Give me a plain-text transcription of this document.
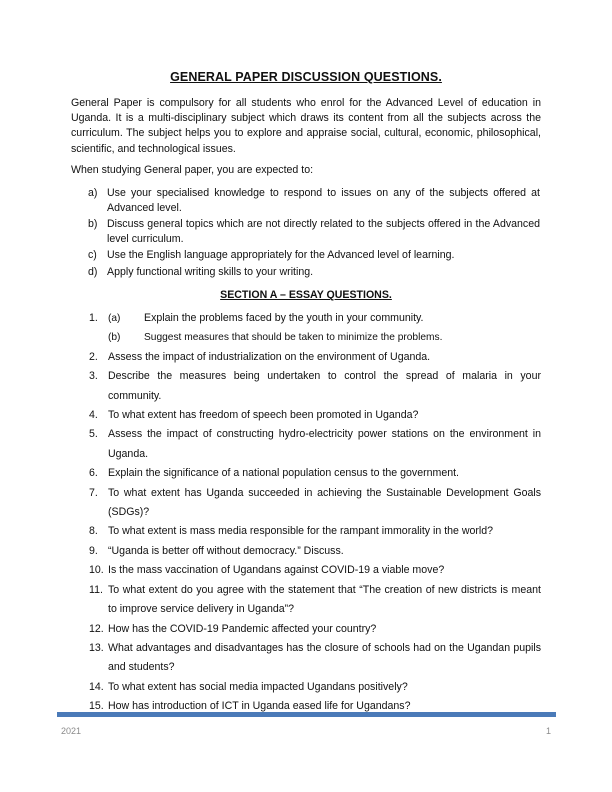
GENERAL PAPER DISCUSSION QUESTIONS.

General Paper is compulsory for all students who enrol for the Advanced Level of education in Uganda. It is a multi-disciplinary subject which draws its content from all the subjects across the curriculum. The subject helps you to explore and appraise social, cultural, economic, philosophical, scientific, and technological issues.

When studying General paper, you are expected to:

a) Use your specialised knowledge to respond to issues on any of the subjects offered at Advanced level.
b) Discuss general topics which are not directly related to the subjects offered in the Advanced level curriculum.
c) Use the English language appropriately for the Advanced level of learning.
d) Apply functional writing skills to your writing.
SECTION A – ESSAY QUESTIONS.
1. (a)	Explain the problems faced by the youth in your community.
(b)	Suggest measures that should be taken to minimize the problems.
2. Assess the impact of industrialization on the environment of Uganda.
3. Describe the measures being undertaken to control the spread of malaria in your community.
4. To what extent has freedom of speech been promoted in Uganda?
5. Assess the impact of constructing hydro-electricity power stations on the environment in Uganda.
6. Explain the significance of a national population census to the government.
7. To what extent has Uganda succeeded in achieving the Sustainable Development Goals (SDGs)?
8. To what extent is mass media responsible for the rampant immorality in the world?
9. “Uganda is better off without democracy.” Discuss.
10. Is the mass vaccination of Ugandans against COVID-19 a viable move?
11. To what extent do you agree with the statement that “The creation of new districts is meant to improve service delivery in Uganda”?
12. How has the COVID-19 Pandemic affected your country?
13. What advantages and disadvantages has the closure of schools had on the Ugandan pupils and students?
14. To what extent has social media impacted Ugandans positively?
15. How has introduction of ICT in Uganda eased life for Ugandans?
2021	1
